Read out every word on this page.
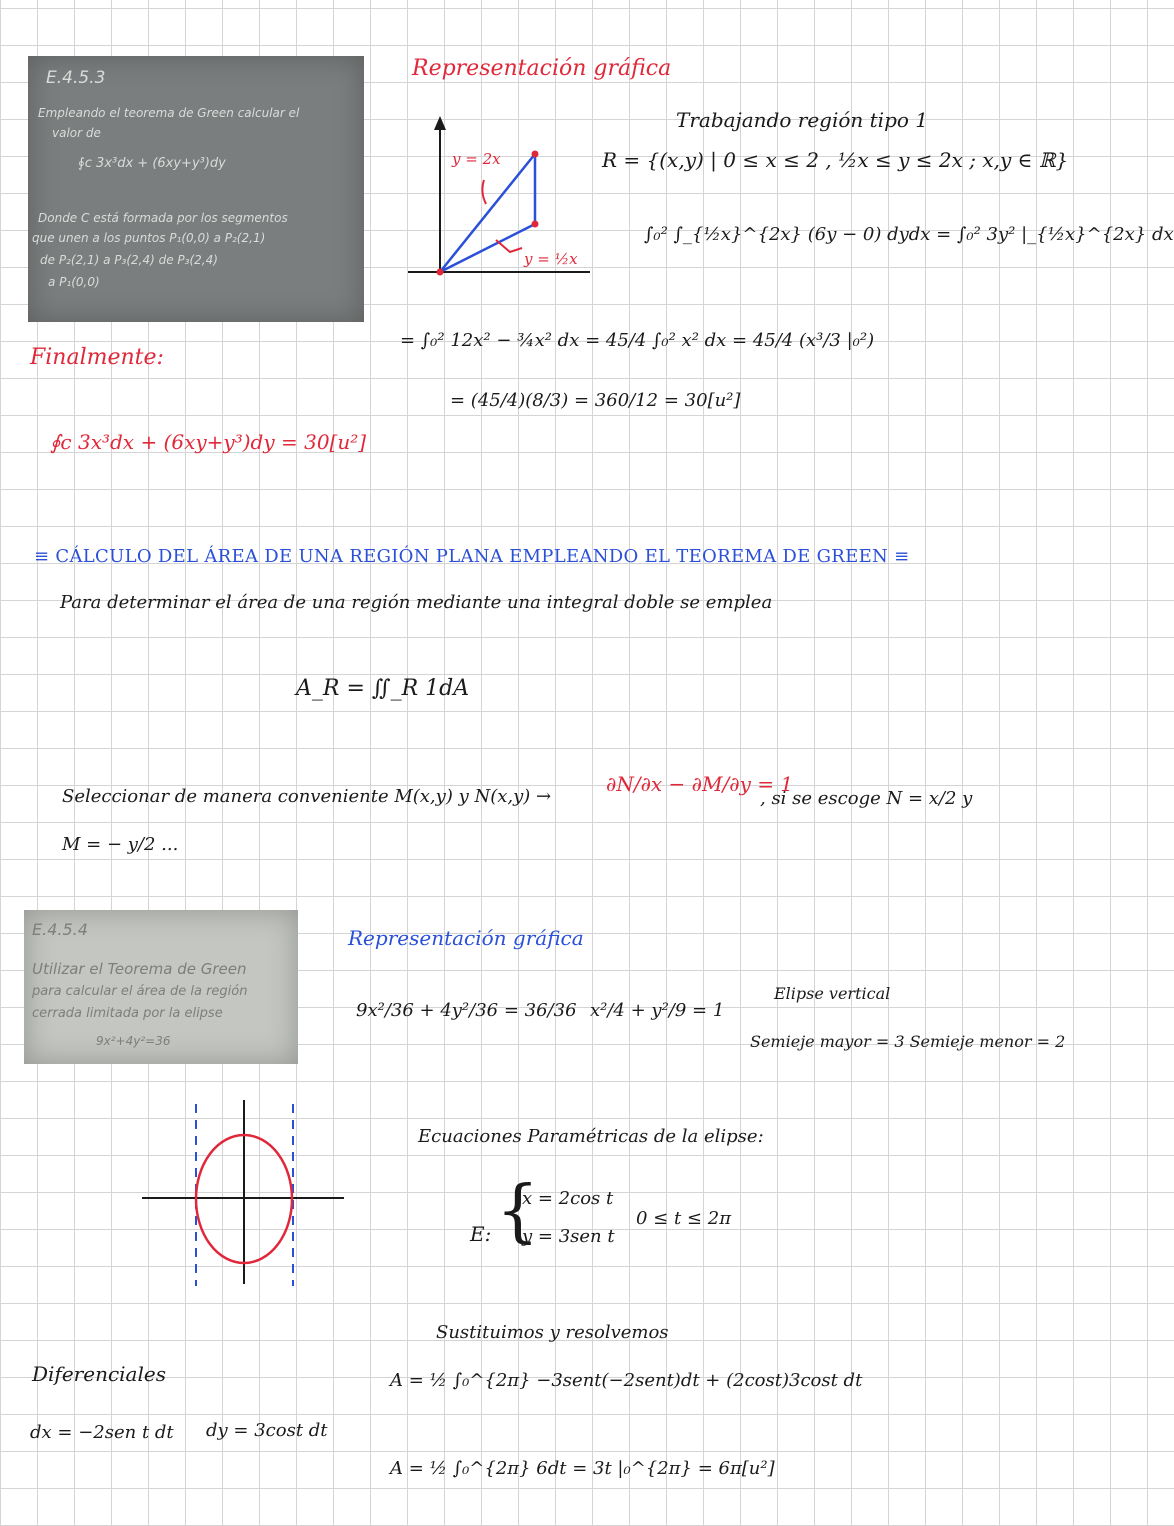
E.4.5.3
Empleando el teorema de Green calcular el
valor de
∮c 3x³dx + (6xy+y³)dy
Donde C está formada por los segmentos
que unen a los puntos P₁(0,0) a P₂(2,1)
de P₂(2,1) a P₃(2,4) de P₃(2,4)
a P₁(0,0)
Representación gráfica
y = 2x
y = ½x
Trabajando región tipo 1
R = {(x,y) | 0 ≤ x ≤ 2 , ½x ≤ y ≤ 2x ; x,y ∈ ℝ}
∫₀² ∫_{½x}^{2x} (6y − 0) dydx = ∫₀² 3y² |_{½x}^{2x} dx
= ∫₀² 12x² − ¾x² dx = 45/4 ∫₀² x² dx = 45/4 (x³/3 |₀²)
= (45/4)(8/3) = 360/12 = 30[u²]
Finalmente:
∮c 3x³dx + (6xy+y³)dy = 30[u²]
≡ CÁLCULO DEL ÁREA DE UNA REGIÓN PLANA EMPLEANDO EL TEOREMA DE GREEN ≡
Para determinar el área de una región mediante una integral doble se emplea
A_R = ∬_R 1dA
Seleccionar de manera conveniente M(x,y) y N(x,y) →
∂N/∂x − ∂M/∂y = 1
, si se escoge N = x/2 y
M = − y/2 ...
E.4.5.4
Utilizar el Teorema de Green
para calcular el área de la región
cerrada limitada por la elipse
9x²+4y²=36
Representación gráfica
9x²/36 + 4y²/36 = 36/36 x²/4 + y²/9 = 1
Elipse vertical
Semieje mayor = 3 Semieje menor = 2
Ecuaciones Paramétricas de la elipse:
E: {
x = 2cos t
y = 3sen t
0 ≤ t ≤ 2π
Sustituimos y resolvemos
A = ½ ∫₀^{2π} −3sent(−2sent)dt + (2cost)3cost dt
A = ½ ∫₀^{2π} 6dt = 3t |₀^{2π} = 6π[u²]
Diferenciales
dx = −2sen t dt dy = 3cost dt
